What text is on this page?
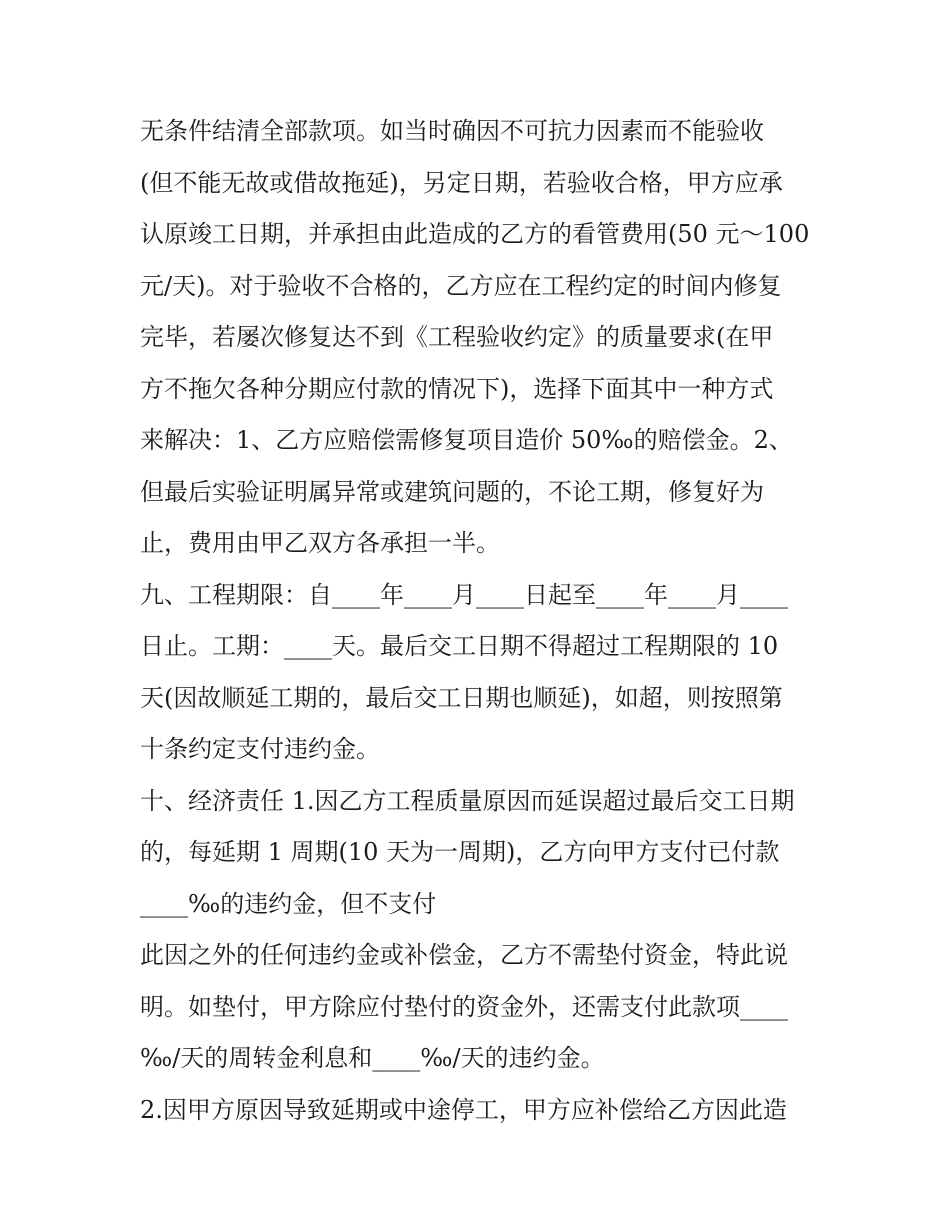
无条件结清全部款项。如当时确因不可抗力因素而不能验收
(但不能无故或借故拖延)，另定日期，若验收合格，甲方应承
认原竣工日期，并承担由此造成的乙方的看管费用(50 元～100
元/天)。对于验收不合格的，乙方应在工程约定的时间内修复
完毕，若屡次修复达不到《工程验收约定》的质量要求(在甲
方不拖欠各种分期应付款的情况下)，选择下面其中一种方式
来解决：1、乙方应赔偿需修复项目造价 50‰的赔偿金。2、
但最后实验证明属异常或建筑问题的，不论工期，修复好为
止，费用由甲乙双方各承担一半。
九、工程期限：自____年____月____日起至____年____月____
日止。工期：____天。最后交工日期不得超过工程期限的 10
天(因故顺延工期的，最后交工日期也顺延)，如超，则按照第
十条约定支付违约金。
十、经济责任 1.因乙方工程质量原因而延误超过最后交工日期
的，每延期 1 周期(10 天为一周期)，乙方向甲方支付已付款
____‰的违约金，但不支付
此因之外的任何违约金或补偿金，乙方不需垫付资金，特此说
明。如垫付，甲方除应付垫付的资金外，还需支付此款项____
‰/天的周转金利息和____‰/天的违约金。
2.因甲方原因导致延期或中途停工，甲方应补偿给乙方因此造
